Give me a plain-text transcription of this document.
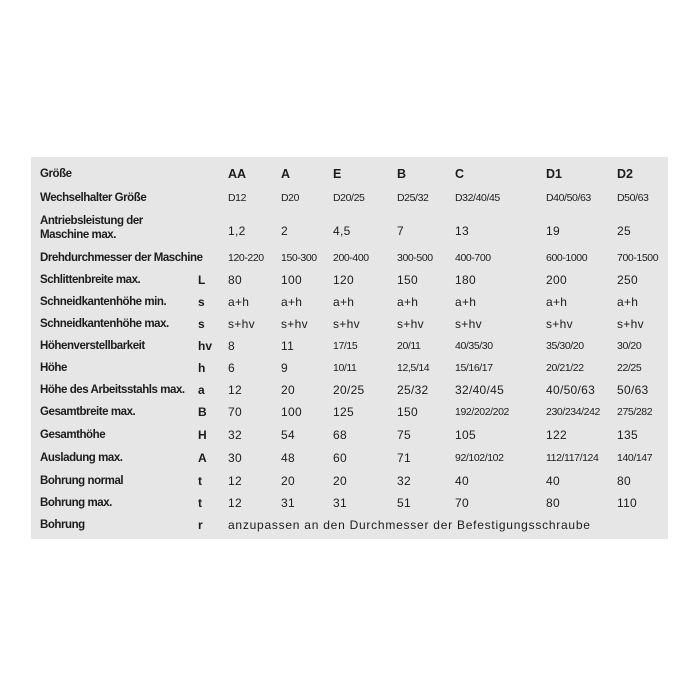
Größe	AA	A	E	B	C	D1	D2
Wechselhalter Größe	D12	D20	D20/25	D25/32	D32/40/45	D40/50/63 D50/63
Antriebsleistung der
Maschine max.	1,2	2	4,5	7	13	19	25
Drehdurchmesser der Maschine 120-220 150-300 200-400	300-500 400-700	600-1000	700-1500
Schlittenbreite max.	L 80	100	120	150	180	200	250
Schneidkantenhöhe min.	s a+h	a+h	a+h	a+h	a+h	a+h	a+h
Schneidkantenhöhe max. s s+hv s+hv s+hv	s+hv	s+hv	s+hv	s+hv
Höhenverstellbarkeit	hv 8	11	17/15	20/11	40/35/30	35/30/20	30/20
Höhe	h 6	9	10/11	12,5/14 15/16/17	20/21/22	22/25
Höhe des Arbeitsstahls max. a 12	20	20/25	25/32 32/40/45	40/50/63 50/63
Gesamtbreite max.	B 70	100	125	150	192/202/202	230/234/242 275/282
Gesamthöhe	H 32	54	68	75	105	122	135
Ausladung max.	A 30	48	60	71	92/102/102	112/117/124 140/147
Bohrung normal	t 12	20	20	32	40	40	80
Bohrung max.	t 12	31	31	51	70	80	110
Bohrung	r anzupassen an den Durchmesser der Befestigungsschraube
